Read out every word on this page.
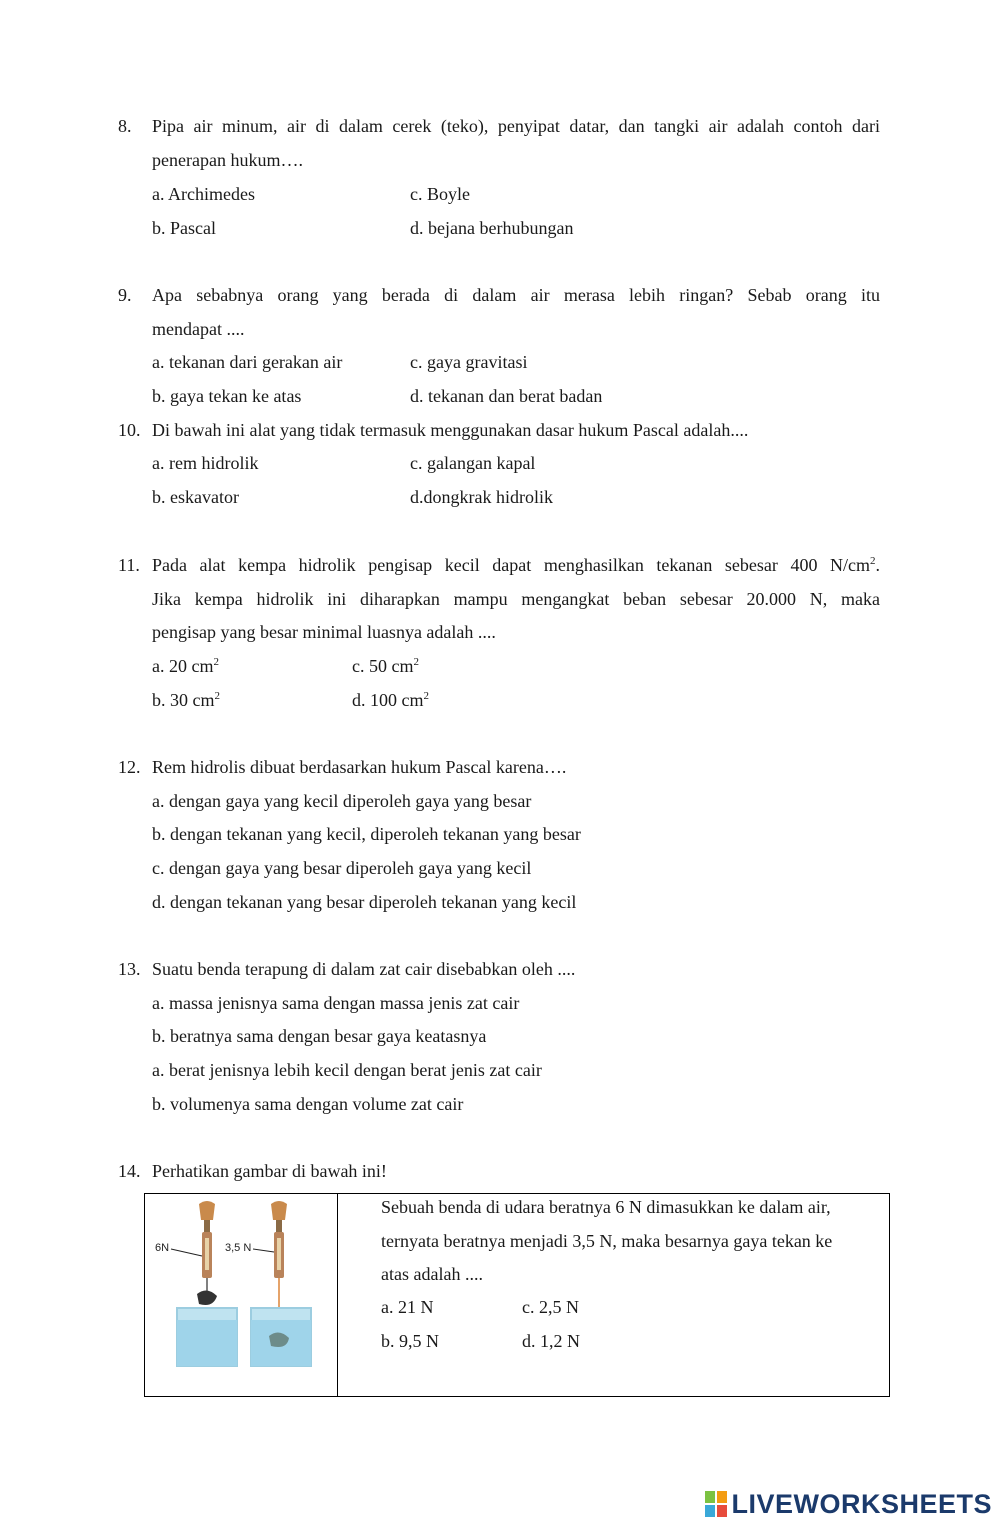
8.	Pipa air minum, air di dalam cerek (teko), penyipat datar, dan tangki air adalah contoh dari
penerapan hukum….
a. Archimedes	c. Boyle
b. Pascal	d. bejana berhubungan
9.	Apa sebabnya orang yang berada di dalam air merasa lebih ringan? Sebab orang itu
mendapat ....
a. tekanan dari gerakan air	c. gaya gravitasi
b. gaya tekan ke atas	d. tekanan dan berat badan
10. Di bawah ini alat yang tidak termasuk menggunakan dasar hukum Pascal adalah....
a. rem hidrolik	c. galangan kapal
b. eskavator	d.dongkrak hidrolik
11. Pada alat kempa hidrolik pengisap kecil dapat menghasilkan tekanan sebesar 400 $N/cm^2$.
Jika kempa hidrolik ini diharapkan mampu mengangkat beban sebesar 20.000 N, maka
pengisap yang besar minimal luasnya adalah ....
a. 20 $cm^2$	c. 50 $cm^2$
b. 30 $cm^2$	d. 100 $cm^2$
12. Rem hidrolis dibuat berdasarkan hukum Pascal karena….
a. dengan gaya yang kecil diperoleh gaya yang besar
b. dengan tekanan yang kecil, diperoleh tekanan yang besar
c. dengan gaya yang besar diperoleh gaya yang kecil
d. dengan tekanan yang besar diperoleh tekanan yang kecil
13. Suatu benda terapung di dalam zat cair disebabkan oleh ....
a. massa jenisnya sama dengan massa jenis zat cair
b. beratnya sama dengan besar gaya keatasnya
a. berat jenisnya lebih kecil dengan berat jenis zat cair
b. volumenya sama dengan volume zat cair
14. Perhatikan gambar di bawah ini!
6N	3,5 N
Sebuah benda di udara beratnya 6 N dimasukkan ke dalam air,
ternyata beratnya menjadi 3,5 N, maka besarnya gaya tekan ke
atas adalah ....
a. 21 N	c. 2,5 N
b. 9,5 N	d. 1,2 N
LIVEWORKSHEETS
